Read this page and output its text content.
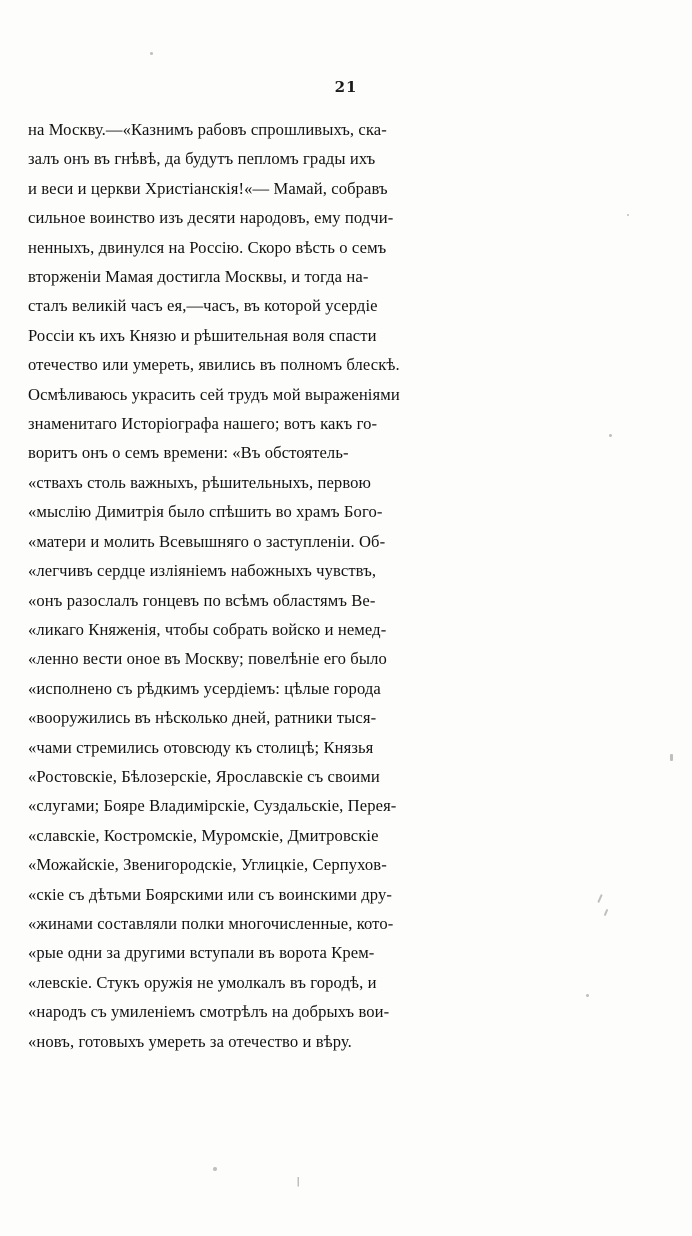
|
21

на Москву.—«Казнимъ рабовъ спрошливыхъ, ска-
залъ онъ въ гнѣвѣ, да будутъ пепломъ грады ихъ
и веси и церкви Христіанскія!«— Мамай, собравъ
сильное воинство изъ десяти народовъ, ему подчи-
ненныхъ, двинулся на Россію. Скоро вѣсть о семъ
вторженіи Мамая достигла Москвы, и тогда на-
сталъ великій часъ ея,—часъ, въ которой усердіе
Россіи къ ихъ Князю и рѣшительная воля спасти
отечество или умереть, явились въ полномъ блескѣ.
Осмѣливаюсь украсить сей трудъ мой выраженіями
знаменитаго Исторіографа нашего; вотъ какъ го-
воритъ онъ о семъ времени: «Въ обстоятель-
«ствахъ столь важныхъ, рѣшительныхъ, первою
«мыслію Димитрія было спѣшить во храмъ Бого-
«матери и молить Всевышняго о заступленіи. Об-
«легчивъ сердце изліяніемъ набожныхъ чувствъ,
«онъ разослалъ гонцевъ по всѣмъ областямъ Ве-
«ликаго Княженія, чтобы собрать войско и немед-
«ленно вести оное въ Москву; повелѣніе его было
«исполнено съ рѣдкимъ усердіемъ: цѣлые города
«вооружились въ нѣсколько дней, ратники тыся-
«чами стремились отовсюду къ столицѣ; Князья
«Ростовскіе, Бѣлозерскіе, Ярославскіе съ своими
«слугами; Бояре Владимірскіе, Суздальскіе, Перея-
«славскіе, Костромскіе, Муромскіе, Дмитровскіе
«Можайскіе, Звенигородскіе, Углицкіе, Серпухов-
«скіе съ дѣтьми Боярскими или съ воинскими дру-
«жинами составляли полки многочисленные, кото-
«рые одни за другими вступали въ ворота Крем-
«левскіе. Стукъ оружія не умолкалъ въ городѣ, и
«народъ съ умиленіемъ смотрѣлъ на добрыхъ вои-
«новъ, готовыхъ умереть за отечество и вѣру.
